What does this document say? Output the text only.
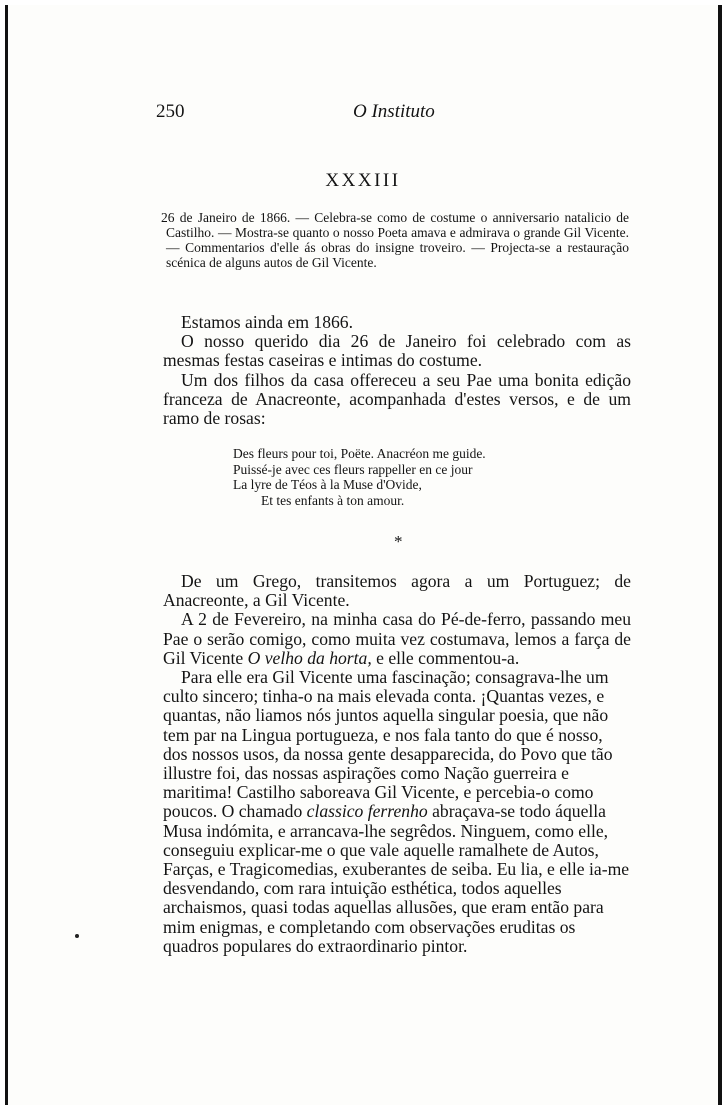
250	O Instituto
XXXIII

26 de Janeiro de 1866. — Celebra-se como de costume o anniversario natalicio de Castilho. — Mostra-se quanto o nosso Poeta amava e admirava o grande Gil Vicente. — Commentarios d'elle ás obras do insigne troveiro. — Projecta-se a restauração scénica de alguns autos de Gil Vicente.

Estamos ainda em 1866.

O nosso querido dia 26 de Janeiro foi celebrado com as mesmas festas caseiras e intimas do costume.

Um dos filhos da casa offereceu a seu Pae uma bonita edição franceza de Anacreonte, acompanhada d'estes versos, e de um ramo de rosas:

Des fleurs pour toi, Poëte. Anacréon me guide.
Puissé-je avec ces fleurs rappeller en ce jour
La lyre de Téos à la Muse d'Ovide,
Et tes enfants à ton amour.
*

De um Grego, transitemos agora a um Portuguez; de Anacreonte, a Gil Vicente.

A 2 de Fevereiro, na minha casa do Pé-de-ferro, passando meu Pae o serão comigo, como muita vez costumava, lemos a farça de Gil Vicente O velho da horta, e elle commentou-a.

Para elle era Gil Vicente uma fascinação; consagrava-lhe um culto sincero; tinha-o na mais elevada conta. ¡Quantas vezes, e quantas, não liamos nós juntos aquella singular poesia, que não tem par na Lingua portugueza, e nos fala tanto do que é nosso, dos nossos usos, da nossa gente desapparecida, do Povo que tão illustre foi, das nossas aspirações como Nação guerreira e maritima! Castilho saboreava Gil Vicente, e percebia-o como poucos. O chamado classico ferrenho abraçava-se todo áquella Musa indómita, e arrancava-lhe segrêdos. Ninguem, como elle, conseguiu explicar-me o que vale aquelle ramalhete de Autos, Farças, e Tragicomedias, exuberantes de seiba. Eu lia, e elle ia-me desvendando, com rara intuição esthética, todos aquelles archaismos, quasi todas aquellas allusões, que eram então para mim enigmas, e completando com observações eruditas os quadros populares do extraordinario pintor.
